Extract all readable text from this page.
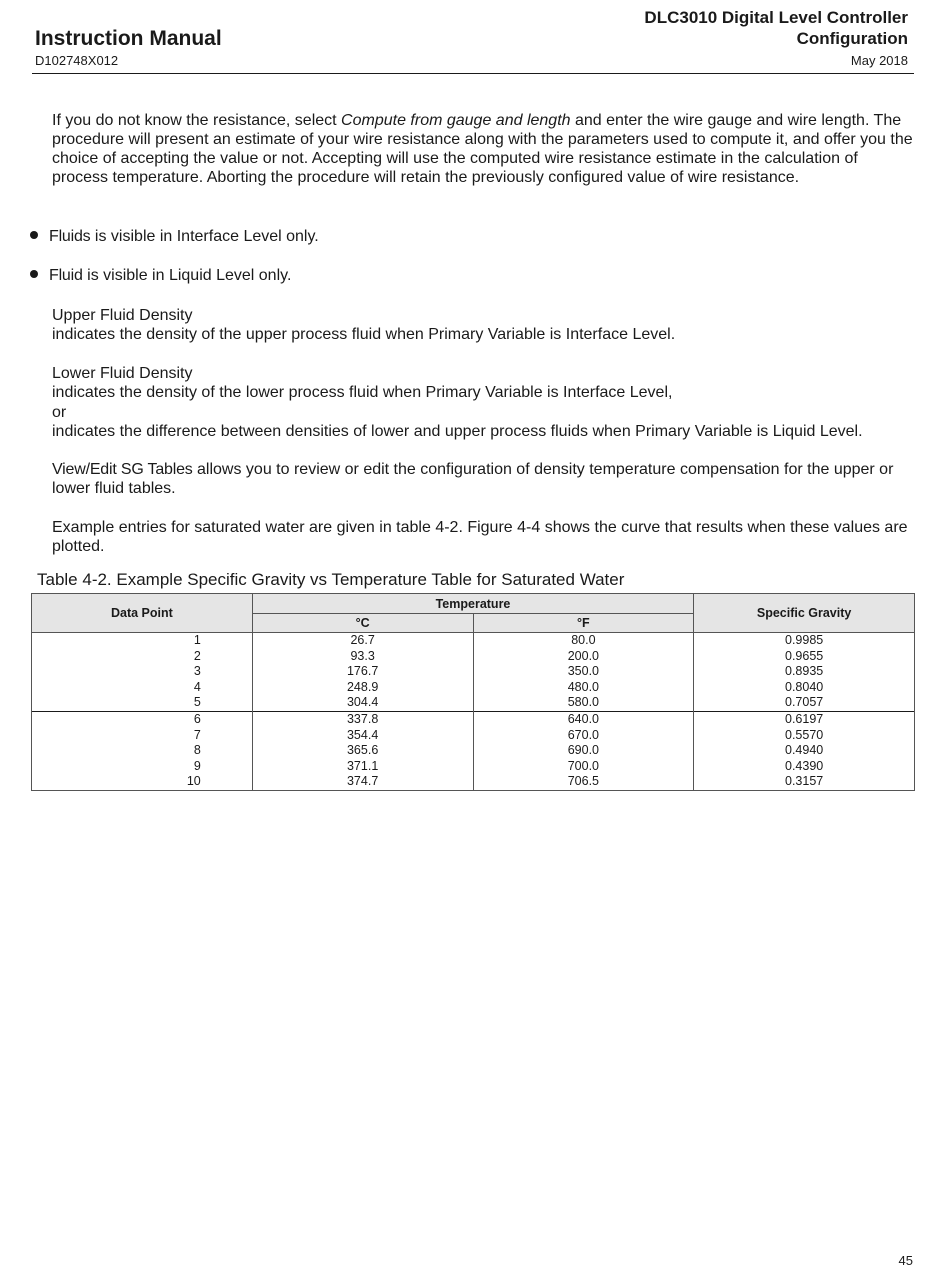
Instruction Manual
D102748X012
DLC3010 Digital Level Controller
Configuration
May 2018
If you do not know the resistance, select Compute from gauge and length and enter the wire gauge and wire length. The procedure will present an estimate of your wire resistance along with the parameters used to compute it, and offer you the choice of accepting the value or not. Accepting will use the computed wire resistance estimate in the calculation of process temperature. Aborting the procedure will retain the previously configured value of wire resistance.
Fluids is visible in Interface Level only.
Fluid is visible in Liquid Level only.
Upper Fluid Density
indicates the density of the upper process fluid when Primary Variable is Interface Level.
Lower Fluid Density
indicates the density of the lower process fluid when Primary Variable is Interface Level,
or
indicates the difference between densities of lower and upper process fluids when Primary Variable is Liquid Level.
View/Edit SG Tables allows you to review or edit the configuration of density temperature compensation for the upper or lower fluid tables.
Example entries for saturated water are given in table 4-2. Figure 4-4 shows the curve that results when these values are plotted.
Table 4-2. Example Specific Gravity vs Temperature Table for Saturated Water
Data Point	Temperature		Specific Gravity
	°C	°F	
1	26.7	80.0	0.9985
2	93.3	200.0	0.9655
3	176.7	350.0	0.8935
4	248.9	480.0	0.8040
5	304.4	580.0	0.7057
6	337.8	640.0	0.6197
7	354.4	670.0	0.5570
8	365.6	690.0	0.4940
9	371.1	700.0	0.4390
10	374.7	706.5	0.3157
45
